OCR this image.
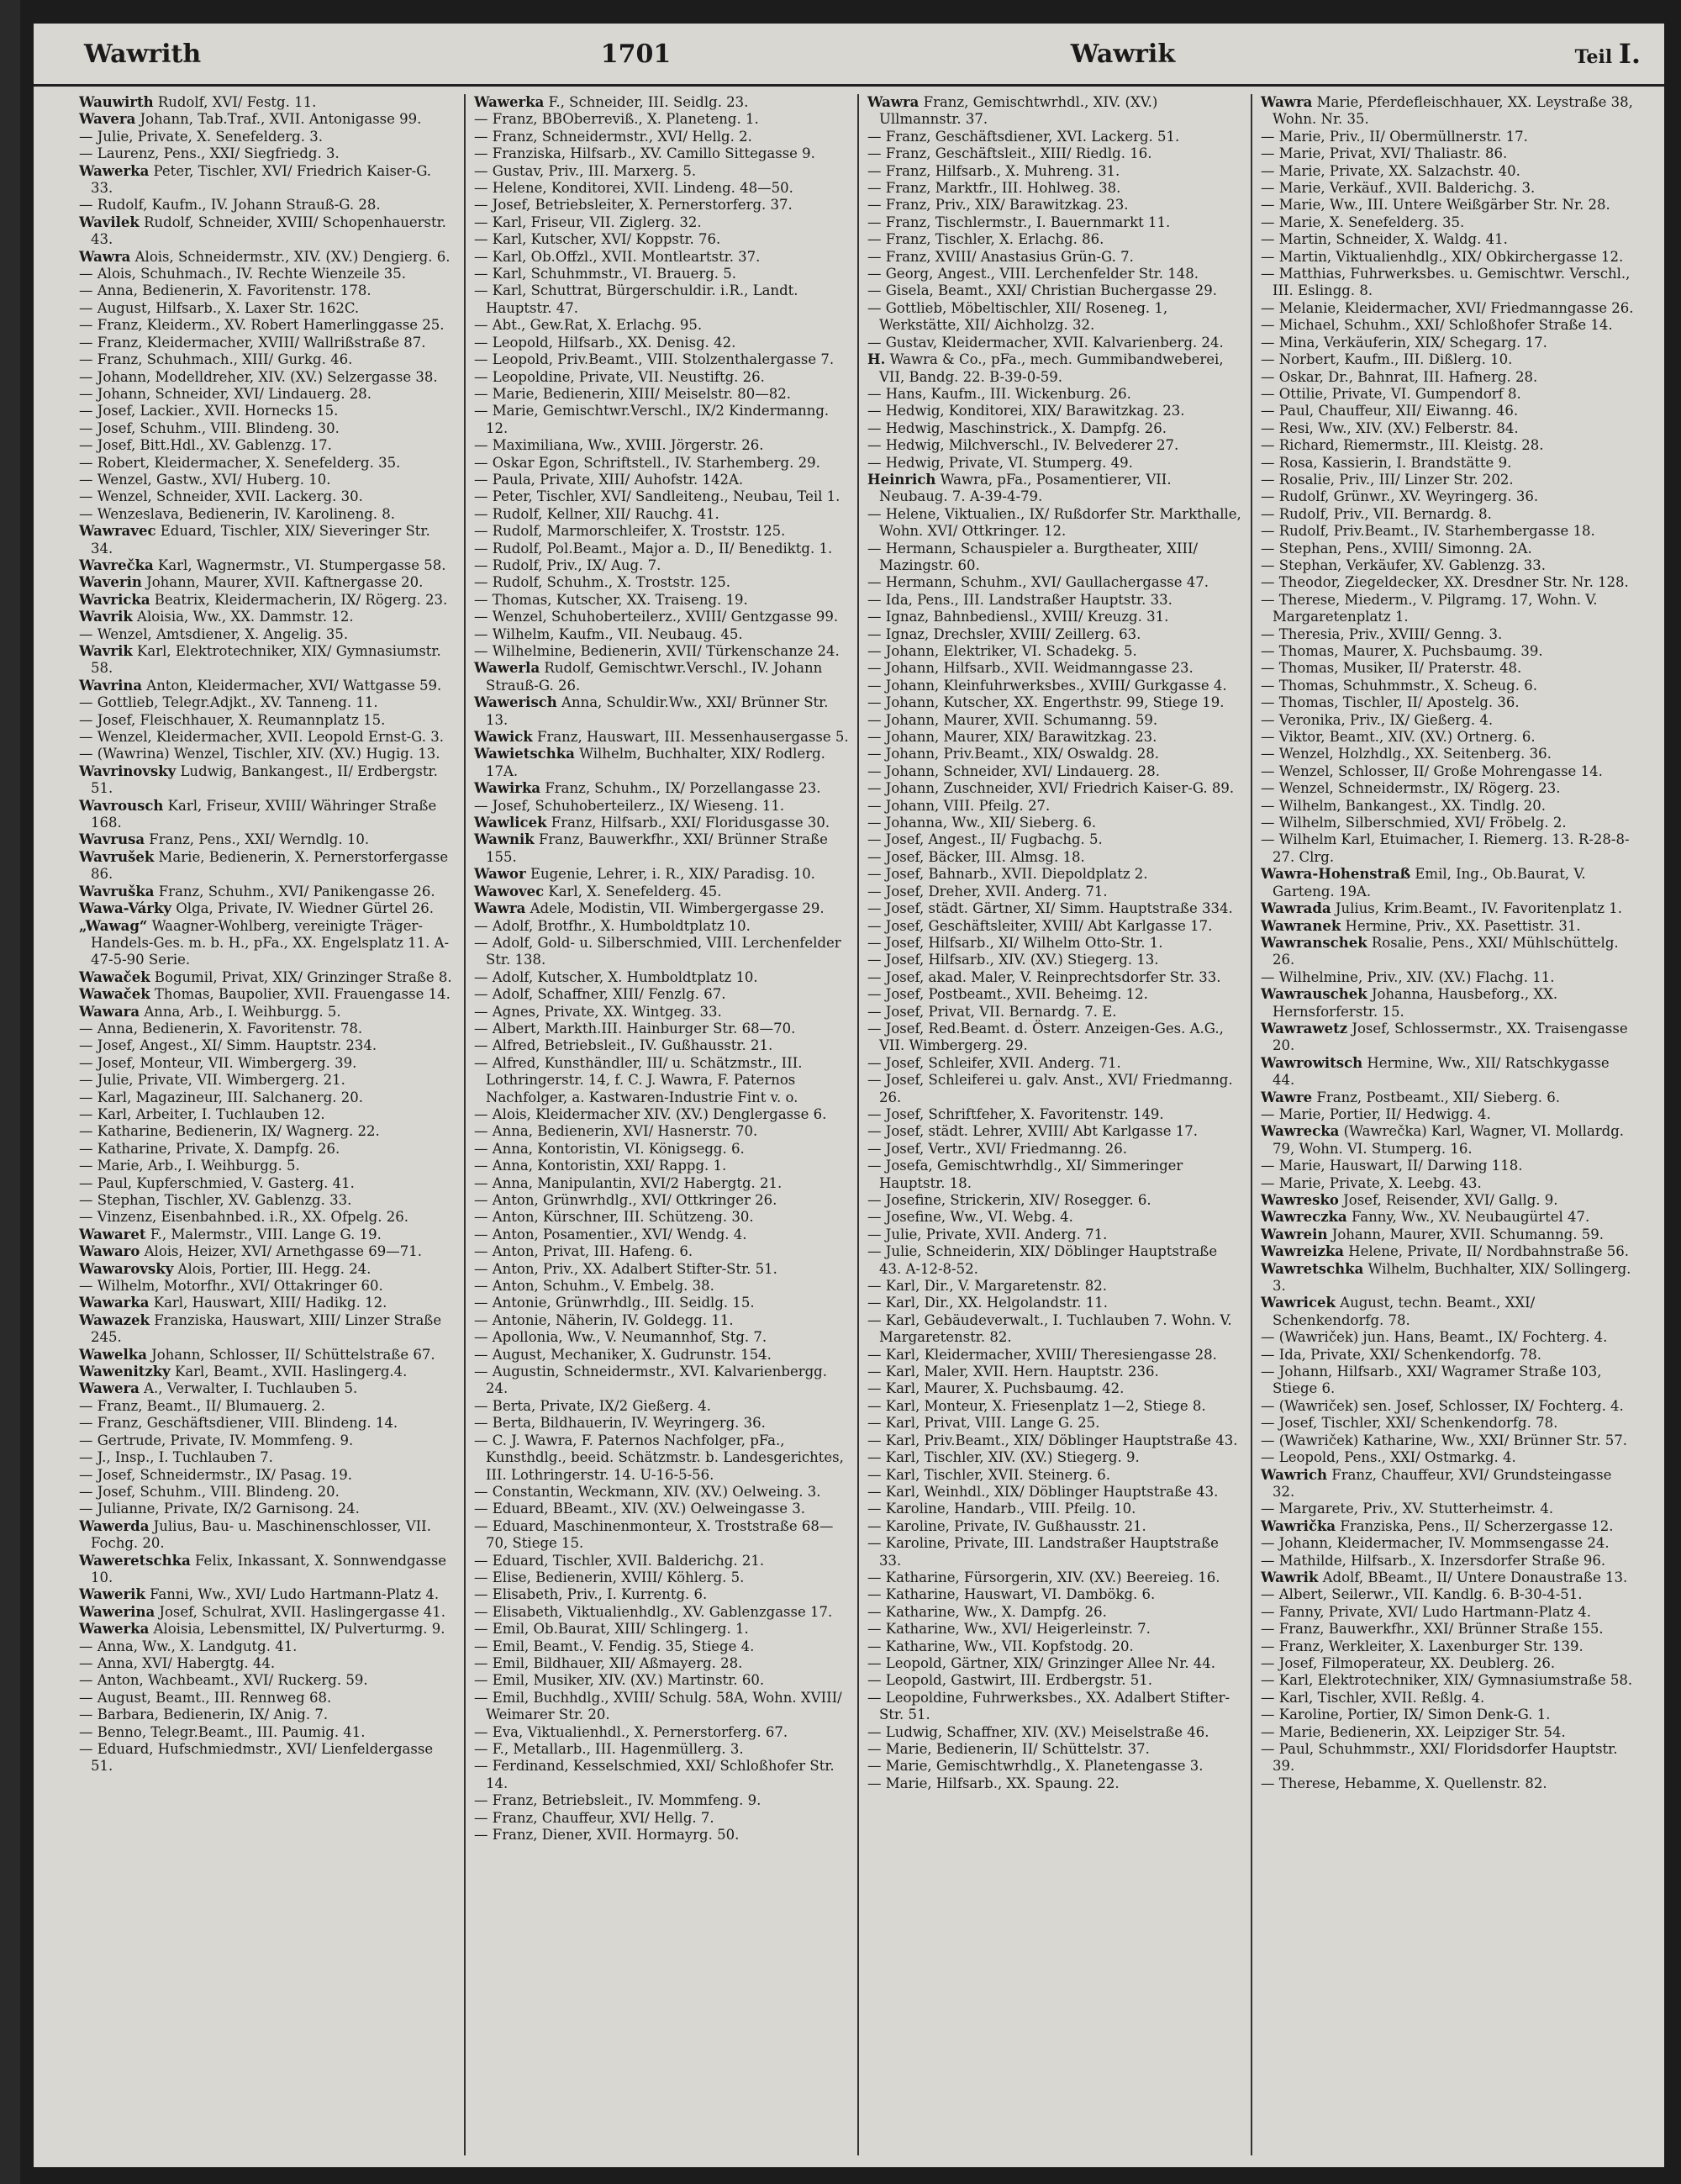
Wawrith	1701	Wawrik	Teil I.

Wauwirth Rudolf, XVI/ Festg. 11.

Wavera Johann, Tab.Traf., XVII. Antonigasse 99.

— Julie, Private, X. Senefelderg. 3.

— Laurenz, Pens., XXI/ Siegfriedg. 3.

Wawerka Peter, Tischler, XVI/ Friedrich Kaiser-G. 33.

— Rudolf, Kaufm., IV. Johann Strauß-G. 28.

Wavilek Rudolf, Schneider, XVIII/ Schopenhauerstr. 43.

Wawra Alois, Schneidermstr., XIV. (XV.) Dengierg. 6.

— Alois, Schuhmach., IV. Rechte Wienzeile 35.

— Anna, Bedienerin, X. Favoritenstr. 178.

— August, Hilfsarb., X. Laxer Str. 162C.

— Franz, Kleiderm., XV. Robert Hamerlinggasse 25.

— Franz, Kleidermacher, XVIII/ Wallrißstraße 87.

— Franz, Schuhmach., XIII/ Gurkg. 46.

— Johann, Modelldreher, XIV. (XV.) Selzergasse 38.

— Johann, Schneider, XVI/ Lindauerg. 28.

— Josef, Lackier., XVII. Hornecks 15.

— Josef, Schuhm., VIII. Blindeng. 30.

— Josef, Bitt.Hdl., XV. Gablenzg. 17.

— Robert, Kleidermacher, X. Senefelderg. 35.

— Wenzel, Gastw., XVI/ Huberg. 10.

— Wenzel, Schneider, XVII. Lackerg. 30.

— Wenzeslava, Bedienerin, IV. Karolineng. 8.

Wawravec Eduard, Tischler, XIX/ Sieveringer Str. 34.

Wavrečka Karl, Wagnermstr., VI. Stumpergasse 58.

Waverin Johann, Maurer, XVII. Kaftnergasse 20.

Wavricka Beatrix, Kleidermacherin, IX/ Rögerg. 23.

Wavrik Aloisia, Ww., XX. Dammstr. 12.

— Wenzel, Amtsdiener, X. Angelig. 35.

Wavrik Karl, Elektrotechniker, XIX/ Gymnasiumstr. 58.

Wavrina Anton, Kleidermacher, XVI/ Wattgasse 59.

— Gottlieb, Telegr.Adjkt., XV. Tanneng. 11.

— Josef, Fleischhauer, X. Reumannplatz 15.

— Wenzel, Kleidermacher, XVII. Leopold Ernst-G. 3.

— (Wawrina) Wenzel, Tischler, XIV. (XV.) Hugig. 13.

Wavrinovsky Ludwig, Bankangest., II/ Erdbergstr. 51.

Wavrousch Karl, Friseur, XVIII/ Währinger Straße 168.

Wavrusa Franz, Pens., XXI/ Werndlg. 10.

Wavrušek Marie, Bedienerin, X. Pernerstorfergasse 86.

Wavruška Franz, Schuhm., XVI/ Panikengasse 26.

Wawa-Várky Olga, Private, IV. Wiedner Gürtel 26.

„Wawag“ Waagner-Wohlberg, vereinigte Träger-Handels-Ges. m. b. H., pFa., XX. Engelsplatz 11. A-47-5-90 Serie.

Wawaček Bogumil, Privat, XIX/ Grinzinger Straße 8.

Wawaček Thomas, Baupolier, XVII. Frauengasse 14.

Wawara Anna, Arb., I. Weihburgg. 5.

— Anna, Bedienerin, X. Favoritenstr. 78.

— Josef, Angest., XI/ Simm. Hauptstr. 234.

— Josef, Monteur, VII. Wimbergerg. 39.

— Julie, Private, VII. Wimbergerg. 21.

— Karl, Magazineur, III. Salchanerg. 20.

— Karl, Arbeiter, I. Tuchlauben 12.

— Katharine, Bedienerin, IX/ Wagnerg. 22.

— Katharine, Private, X. Dampfg. 26.

— Marie, Arb., I. Weihburgg. 5.

— Paul, Kupferschmied, V. Gasterg. 41.

— Stephan, Tischler, XV. Gablenzg. 33.

— Vinzenz, Eisenbahnbed. i.R., XX. Ofpelg. 26.

Wawaret F., Malermstr., VIII. Lange G. 19.

Wawaro Alois, Heizer, XVI/ Arnethgasse 69—71.

Wawarovsky Alois, Portier, III. Hegg. 24.

— Wilhelm, Motorfhr., XVI/ Ottakringer 60.

Wawarka Karl, Hauswart, XIII/ Hadikg. 12.

Wawazek Franziska, Hauswart, XIII/ Linzer Straße 245.

Wawelka Johann, Schlosser, II/ Schüttelstraße 67.

Wawenitzky Karl, Beamt., XVII. Haslingerg.4.

Wawera A., Verwalter, I. Tuchlauben 5.

— Franz, Beamt., II/ Blumauerg. 2.

— Franz, Geschäftsdiener, VIII. Blindeng. 14.

— Gertrude, Private, IV. Mommfeng. 9.

— J., Insp., I. Tuchlauben 7.

— Josef, Schneidermstr., IX/ Pasag. 19.

— Josef, Schuhm., VIII. Blindeng. 20.

— Julianne, Private, IX/2 Garnisong. 24.

Wawerda Julius, Bau- u. Maschinenschlosser, VII. Fochg. 20.

Waweretschka Felix, Inkassant, X. Sonnwendgasse 10.

Wawerik Fanni, Ww., XVI/ Ludo Hartmann-Platz 4.

Wawerina Josef, Schulrat, XVII. Haslingergasse 41.

Wawerka Aloisia, Lebensmittel, IX/ Pulverturmg. 9.

— Anna, Ww., X. Landgutg. 41.

— Anna, XVI/ Habergtg. 44.

— Anton, Wachbeamt., XVI/ Ruckerg. 59.

— August, Beamt., III. Rennweg 68.

— Barbara, Bedienerin, IX/ Anig. 7.

— Benno, Telegr.Beamt., III. Paumig. 41.

— Eduard, Hufschmiedmstr., XVI/ Lienfeldergasse 51.

Wawerka F., Schneider, III. Seidlg. 23.

— Franz, BBOberreviß., X. Planeteng. 1.

— Franz, Schneidermstr., XVI/ Hellg. 2.

— Franziska, Hilfsarb., XV. Camillo Sittegasse 9.

— Gustav, Priv., III. Marxerg. 5.

— Helene, Konditorei, XVII. Lindeng. 48—50.

— Josef, Betriebsleiter, X. Pernerstorferg. 37.

— Karl, Friseur, VII. Ziglerg. 32.

— Karl, Kutscher, XVI/ Koppstr. 76.

— Karl, Ob.Offzl., XVII. Montleartstr. 37.

— Karl, Schuhmmstr., VI. Brauerg. 5.

— Karl, Schuttrat, Bürgerschuldir. i.R., Landt. Hauptstr. 47.

— Abt., Gew.Rat, X. Erlachg. 95.

— Leopold, Hilfsarb., XX. Denisg. 42.

— Leopold, Priv.Beamt., VIII. Stolzenthalergasse 7.

— Leopoldine, Private, VII. Neustiftg. 26.

— Marie, Bedienerin, XIII/ Meiselstr. 80—82.

— Marie, Gemischtwr.Verschl., IX/2 Kindermanng. 12.

— Maximiliana, Ww., XVIII. Jörgerstr. 26.

— Oskar Egon, Schriftstell., IV. Starhemberg. 29.

— Paula, Private, XIII/ Auhofstr. 142A.

— Peter, Tischler, XVI/ Sandleiteng., Neubau, Teil 1.

— Rudolf, Kellner, XII/ Rauchg. 41.

— Rudolf, Marmorschleifer, X. Troststr. 125.

— Rudolf, Pol.Beamt., Major a. D., II/ Benediktg. 1.

— Rudolf, Priv., IX/ Aug. 7.

— Rudolf, Schuhm., X. Troststr. 125.

— Thomas, Kutscher, XX. Traiseng. 19.

— Wenzel, Schuhoberteilerz., XVIII/ Gentzgasse 99.

— Wilhelm, Kaufm., VII. Neubaug. 45.

— Wilhelmine, Bedienerin, XVII/ Türkenschanze 24.

Wawerla Rudolf, Gemischtwr.Verschl., IV. Johann Strauß-G. 26.

Wawerisch Anna, Schuldir.Ww., XXI/ Brünner Str. 13.

Wawick Franz, Hauswart, III. Messenhausergasse 5.

Wawietschka Wilhelm, Buchhalter, XIX/ Rodlerg. 17A.

Wawirka Franz, Schuhm., IX/ Porzellangasse 23.

— Josef, Schuhoberteilerz., IX/ Wieseng. 11.

Wawlicek Franz, Hilfsarb., XXI/ Floridusgasse 30.

Wawnik Franz, Bauwerkfhr., XXI/ Brünner Straße 155.

Wawor Eugenie, Lehrer, i. R., XIX/ Paradisg. 10.

Wawovec Karl, X. Senefelderg. 45.

Wawra Adele, Modistin, VII. Wimbergergasse 29.

— Adolf, Brotfhr., X. Humboldtplatz 10.

— Adolf, Gold- u. Silberschmied, VIII. Lerchenfelder Str. 138.

— Adolf, Kutscher, X. Humboldtplatz 10.

— Adolf, Schaffner, XIII/ Fenzlg. 67.

— Agnes, Private, XX. Wintgeg. 33.

— Albert, Markth.III. Hainburger Str. 68—70.

— Alfred, Betriebsleit., IV. Gußhausstr. 21.

— Alfred, Kunsthändler, III/ u. Schätzmstr., III. Lothringerstr. 14, f. C. J. Wawra, F. Paternos Nachfolger, a. Kastwaren-Industrie Fint v. o.

— Alois, Kleidermacher XIV. (XV.) Denglergasse 6.

— Anna, Bedienerin, XVI/ Hasnerstr. 70.

— Anna, Kontoristin, VI. Königsegg. 6.

— Anna, Kontoristin, XXI/ Rappg. 1.

— Anna, Manipulantin, XVI/2 Habergtg. 21.

— Anton, Grünwrhdlg., XVI/ Ottkringer 26.

— Anton, Kürschner, III. Schützeng. 30.

— Anton, Posamentier., XVI/ Wendg. 4.

— Anton, Privat, III. Hafeng. 6.

— Anton, Priv., XX. Adalbert Stifter-Str. 51.

— Anton, Schuhm., V. Embelg. 38.

— Antonie, Grünwrhdlg., III. Seidlg. 15.

— Antonie, Näherin, IV. Goldegg. 11.

— Apollonia, Ww., V. Neumannhof, Stg. 7.

— August, Mechaniker, X. Gudrunstr. 154.

— Augustin, Schneidermstr., XVI. Kalvarienbergg. 24.

— Berta, Private, IX/2 Gießerg. 4.

— Berta, Bildhauerin, IV. Weyringerg. 36.

— C. J. Wawra, F. Paternos Nachfolger, pFa., Kunsthdlg., beeid. Schätzmstr. b. Landesgerichtes, III. Lothringerstr. 14. U-16-5-56.

— Constantin, Weckmann, XIV. (XV.) Oelweing. 3.

— Eduard, BBeamt., XIV. (XV.) Oelweingasse 3.

— Eduard, Maschinenmonteur, X. Troststraße 68—70, Stiege 15.

— Eduard, Tischler, XVII. Balderichg. 21.

— Elise, Bedienerin, XVIII/ Köhlerg. 5.

— Elisabeth, Priv., I. Kurrentg. 6.

— Elisabeth, Viktualienhdlg., XV. Gablenzgasse 17.

— Emil, Ob.Baurat, XIII/ Schlingerg. 1.

— Emil, Beamt., V. Fendig. 35, Stiege 4.

— Emil, Bildhauer, XII/ Aßmayerg. 28.

— Emil, Musiker, XIV. (XV.) Martinstr. 60.

— Emil, Buchhdlg., XVIII/ Schulg. 58A, Wohn. XVIII/ Weimarer Str. 20.

— Eva, Viktualienhdl., X. Pernerstorferg. 67.

— F., Metallarb., III. Hagenmüllerg. 3.

— Ferdinand, Kesselschmied, XXI/ Schloßhofer Str. 14.

— Franz, Betriebsleit., IV. Mommfeng. 9.

— Franz, Chauffeur, XVI/ Hellg. 7.

— Franz, Diener, XVII. Hormayrg. 50.

Wawra Franz, Gemischtwrhdl., XIV. (XV.) Ullmannstr. 37.

— Franz, Geschäftsdiener, XVI. Lackerg. 51.

— Franz, Geschäftsleit., XIII/ Riedlg. 16.

— Franz, Hilfsarb., X. Muhreng. 31.

— Franz, Marktfr., III. Hohlweg. 38.

— Franz, Priv., XIX/ Barawitzkag. 23.

— Franz, Tischlermstr., I. Bauernmarkt 11.

— Franz, Tischler, X. Erlachg. 86.

— Franz, XVIII/ Anastasius Grün-G. 7.

— Georg, Angest., VIII. Lerchenfelder Str. 148.

— Gisela, Beamt., XXI/ Christian Buchergasse 29.

— Gottlieb, Möbeltischler, XII/ Roseneg. 1, Werkstätte, XII/ Aichholzg. 32.

— Gustav, Kleidermacher, XVII. Kalvarienberg. 24.

H. Wawra & Co., pFa., mech. Gummibandweberei, VII, Bandg. 22. B-39-0-59.

— Hans, Kaufm., III. Wickenburg. 26.

— Hedwig, Konditorei, XIX/ Barawitzkag. 23.

— Hedwig, Maschinstrick., X. Dampfg. 26.

— Hedwig, Milchverschl., IV. Belvederer 27.

— Hedwig, Private, VI. Stumperg. 49.

Heinrich Wawra, pFa., Posamentierer, VII. Neubaug. 7. A-39-4-79.

— Helene, Viktualien., IX/ Rußdorfer Str. Markthalle, Wohn. XVI/ Ottkringer. 12.

— Hermann, Schauspieler a. Burgtheater, XIII/ Mazingstr. 60.

— Hermann, Schuhm., XVI/ Gaullachergasse 47.

— Ida, Pens., III. Landstraßer Hauptstr. 33.

— Ignaz, Bahnbediensl., XVIII/ Kreuzg. 31.

— Ignaz, Drechsler, XVIII/ Zeillerg. 63.

— Johann, Elektriker, VI. Schadekg. 5.

— Johann, Hilfsarb., XVII. Weidmanngasse 23.

— Johann, Kleinfuhrwerksbes., XVIII/ Gurkgasse 4.

— Johann, Kutscher, XX. Engerthstr. 99, Stiege 19.

— Johann, Maurer, XVII. Schumanng. 59.

— Johann, Maurer, XIX/ Barawitzkag. 23.

— Johann, Priv.Beamt., XIX/ Oswaldg. 28.

— Johann, Schneider, XVI/ Lindauerg. 28.

— Johann, Zuschneider, XVI/ Friedrich Kaiser-G. 89.

— Johann, VIII. Pfeilg. 27.

— Johanna, Ww., XII/ Sieberg. 6.

— Josef, Angest., II/ Fugbachg. 5.

— Josef, Bäcker, III. Almsg. 18.

— Josef, Bahnarb., XVII. Diepoldplatz 2.

— Josef, Dreher, XVII. Anderg. 71.

— Josef, städt. Gärtner, XI/ Simm. Hauptstraße 334.

— Josef, Geschäftsleiter, XVIII/ Abt Karlgasse 17.

— Josef, Hilfsarb., XI/ Wilhelm Otto-Str. 1.

— Josef, Hilfsarb., XIV. (XV.) Stiegerg. 13.

— Josef, akad. Maler, V. Reinprechtsdorfer Str. 33.

— Josef, Postbeamt., XVII. Beheimg. 12.

— Josef, Privat, VII. Bernardg. 7. E.

— Josef, Red.Beamt. d. Österr. Anzeigen-Ges. A.G., VII. Wimbergerg. 29.

— Josef, Schleifer, XVII. Anderg. 71.

— Josef, Schleiferei u. galv. Anst., XVI/ Friedmanng. 26.

— Josef, Schriftfeher, X. Favoritenstr. 149.

— Josef, städt. Lehrer, XVIII/ Abt Karlgasse 17.

— Josef, Vertr., XVI/ Friedmanng. 26.

— Josefa, Gemischtwrhdlg., XI/ Simmeringer Hauptstr. 18.

— Josefine, Strickerin, XIV/ Rosegger. 6.

— Josefine, Ww., VI. Webg. 4.

— Julie, Private, XVII. Anderg. 71.

— Julie, Schneiderin, XIX/ Döblinger Hauptstraße 43. A-12-8-52.

— Karl, Dir., V. Margaretenstr. 82.

— Karl, Dir., XX. Helgolandstr. 11.

— Karl, Gebäudeverwalt., I. Tuchlauben 7. Wohn. V. Margaretenstr. 82.

— Karl, Kleidermacher, XVIII/ Theresiengasse 28.

— Karl, Maler, XVII. Hern. Hauptstr. 236.

— Karl, Maurer, X. Puchsbaumg. 42.

— Karl, Monteur, X. Friesenplatz 1—2, Stiege 8.

— Karl, Privat, VIII. Lange G. 25.

— Karl, Priv.Beamt., XIX/ Döblinger Hauptstraße 43.

— Karl, Tischler, XIV. (XV.) Stiegerg. 9.

— Karl, Tischler, XVII. Steinerg. 6.

— Karl, Weinhdl., XIX/ Döblinger Hauptstraße 43.

— Karoline, Handarb., VIII. Pfeilg. 10.

— Karoline, Private, IV. Gußhausstr. 21.

— Karoline, Private, III. Landstraßer Hauptstraße 33.

— Katharine, Fürsorgerin, XIV. (XV.) Beereieg. 16.

— Katharine, Hauswart, VI. Dambökg. 6.

— Katharine, Ww., X. Dampfg. 26.

— Katharine, Ww., XVI/ Heigerleinstr. 7.

— Katharine, Ww., VII. Kopfstodg. 20.

— Leopold, Gärtner, XIX/ Grinzinger Allee Nr. 44.

— Leopold, Gastwirt, III. Erdbergstr. 51.

— Leopoldine, Fuhrwerksbes., XX. Adalbert Stifter-Str. 51.

— Ludwig, Schaffner, XIV. (XV.) Meiselstraße 46.

— Marie, Bedienerin, II/ Schüttelstr. 37.

— Marie, Gemischtwrhdlg., X. Planetengasse 3.

— Marie, Hilfsarb., XX. Spaung. 22.

Wawra Marie, Pferdefleischhauer, XX. Leystraße 38, Wohn. Nr. 35.

— Marie, Priv., II/ Obermüllnerstr. 17.

— Marie, Privat, XVI/ Thaliastr. 86.

— Marie, Private, XX. Salzachstr. 40.

— Marie, Verkäuf., XVII. Balderichg. 3.

— Marie, Ww., III. Untere Weißgärber Str. Nr. 28.

— Marie, X. Senefelderg. 35.

— Martin, Schneider, X. Waldg. 41.

— Martin, Viktualienhdlg., XIX/ Obkirchergasse 12.

— Matthias, Fuhrwerksbes. u. Gemischtwr. Verschl., III. Eslingg. 8.

— Melanie, Kleidermacher, XVI/ Friedmanngasse 26.

— Michael, Schuhm., XXI/ Schloßhofer Straße 14.

— Mina, Verkäuferin, XIX/ Schegarg. 17.

— Norbert, Kaufm., III. Dißlerg. 10.

— Oskar, Dr., Bahnrat, III. Hafnerg. 28.

— Ottilie, Private, VI. Gumpendorf 8.

— Paul, Chauffeur, XII/ Eiwanng. 46.

— Resi, Ww., XIV. (XV.) Felberstr. 84.

— Richard, Riemermstr., III. Kleistg. 28.

— Rosa, Kassierin, I. Brandstätte 9.

— Rosalie, Priv., III/ Linzer Str. 202.

— Rudolf, Grünwr., XV. Weyringerg. 36.

— Rudolf, Priv., VII. Bernardg. 8.

— Rudolf, Priv.Beamt., IV. Starhembergasse 18.

— Stephan, Pens., XVIII/ Simonng. 2A.

— Stephan, Verkäufer, XV. Gablenzg. 33.

— Theodor, Ziegeldecker, XX. Dresdner Str. Nr. 128.

— Therese, Miederm., V. Pilgramg. 17, Wohn. V. Margaretenplatz 1.

— Theresia, Priv., XVIII/ Genng. 3.

— Thomas, Maurer, X. Puchsbaumg. 39.

— Thomas, Musiker, II/ Praterstr. 48.

— Thomas, Schuhmmstr., X. Scheug. 6.

— Thomas, Tischler, II/ Apostelg. 36.

— Veronika, Priv., IX/ Gießerg. 4.

— Viktor, Beamt., XIV. (XV.) Ortnerg. 6.

— Wenzel, Holzhdlg., XX. Seitenberg. 36.

— Wenzel, Schlosser, II/ Große Mohrengasse 14.

— Wenzel, Schneidermstr., IX/ Rögerg. 23.

— Wilhelm, Bankangest., XX. Tindlg. 20.

— Wilhelm, Silberschmied, XVI/ Fröbelg. 2.

— Wilhelm Karl, Etuimacher, I. Riemerg. 13. R-28-8-27. Clrg.

Wawra-Hohenstraß Emil, Ing., Ob.Baurat, V. Garteng. 19A.

Wawrada Julius, Krim.Beamt., IV. Favoritenplatz 1.

Wawranek Hermine, Priv., XX. Pasettistr. 31.

Wawranschek Rosalie, Pens., XXI/ Mühlschüttelg. 26.

— Wilhelmine, Priv., XIV. (XV.) Flachg. 11.

Wawrauschek Johanna, Hausbeforg., XX. Hernsforferstr. 15.

Wawrawetz Josef, Schlossermstr., XX. Traisengasse 20.

Wawrowitsch Hermine, Ww., XII/ Ratschkygasse 44.

Wawre Franz, Postbeamt., XII/ Sieberg. 6.

— Marie, Portier, II/ Hedwigg. 4.

Wawrecka (Wawrečka) Karl, Wagner, VI. Mollardg. 79, Wohn. VI. Stumperg. 16.

— Marie, Hauswart, II/ Darwing 118.

— Marie, Private, X. Leebg. 43.

Wawresko Josef, Reisender, XVI/ Gallg. 9.

Wawreczka Fanny, Ww., XV. Neubaugürtel 47.

Wawrein Johann, Maurer, XVII. Schumanng. 59.

Wawreizka Helene, Private, II/ Nordbahnstraße 56.

Wawretschka Wilhelm, Buchhalter, XIX/ Sollingerg. 3.

Wawricek August, techn. Beamt., XXI/ Schenkendorfg. 78.

— (Wawriček) jun. Hans, Beamt., IX/ Fochterg. 4.

— Ida, Private, XXI/ Schenkendorfg. 78.

— Johann, Hilfsarb., XXI/ Wagramer Straße 103, Stiege 6.

— (Wawriček) sen. Josef, Schlosser, IX/ Fochterg. 4.

— Josef, Tischler, XXI/ Schenkendorfg. 78.

— (Wawriček) Katharine, Ww., XXI/ Brünner Str. 57.

— Leopold, Pens., XXI/ Ostmarkg. 4.

Wawrich Franz, Chauffeur, XVI/ Grundsteingasse 32.

— Margarete, Priv., XV. Stutterheimstr. 4.

Wawrička Franziska, Pens., II/ Scherzergasse 12.

— Johann, Kleidermacher, IV. Mommsengasse 24.

— Mathilde, Hilfsarb., X. Inzersdorfer Straße 96.

Wawrik Adolf, BBeamt., II/ Untere Donaustraße 13.

— Albert, Seilerwr., VII. Kandlg. 6. B-30-4-51.

— Fanny, Private, XVI/ Ludo Hartmann-Platz 4.

— Franz, Bauwerkfhr., XXI/ Brünner Straße 155.

— Franz, Werkleiter, X. Laxenburger Str. 139.

— Josef, Filmoperateur, XX. Deublerg. 26.

— Karl, Elektrotechniker, XIX/ Gymnasiumstraße 58.

— Karl, Tischler, XVII. Reßlg. 4.

— Karoline, Portier, IX/ Simon Denk-G. 1.

— Marie, Bedienerin, XX. Leipziger Str. 54.

— Paul, Schuhmmstr., XXI/ Floridsdorfer Hauptstr. 39.

— Therese, Hebamme, X. Quellenstr. 82.
